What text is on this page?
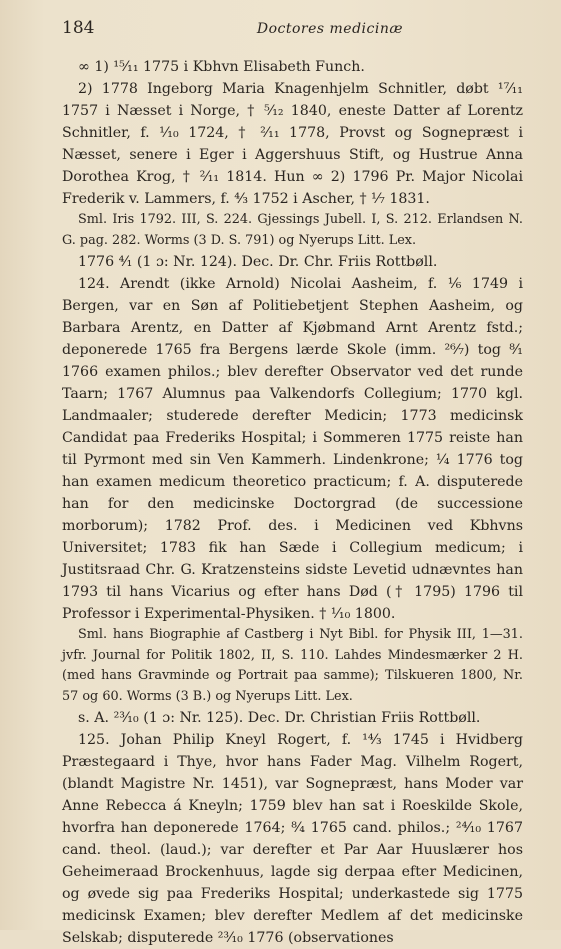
184	Doctores medicinæ

∞ 1) ¹⁵⁄₁₁ 1775 i Kbhvn Elisabeth Funch.

2) 1778 Ingeborg Maria Knagenhjelm Schnitler, døbt ¹⁷⁄₁₁ 1757 i Næsset i Norge, † ⁵⁄₁₂ 1840, eneste Datter af Lorentz Schnitler, f. ¹⁄₁₀ 1724, † ²⁄₁₁ 1778, Provst og Sognepræst i Næsset, senere i Eger i Aggershuus Stift, og Hustrue Anna Dorothea Krog, † ²⁄₁₁ 1814. Hun ∞ 2) 1796 Pr. Major Nicolai Frederik v. Lammers, f. ⁴⁄₃ 1752 i Ascher, † ¹⁄₇ 1831.

Sml. Iris 1792. III, S. 224. Gjessings Jubell. I, S. 212. Erlandsen N. G. pag. 282. Worms (3 D. S. 791) og Nyerups Litt. Lex.

1776 ⁴⁄₁ (1 ɔ: Nr. 124). Dec. Dr. Chr. Friis Rottbøll.

124. Arendt (ikke Arnold) Nicolai Aasheim, f. ¹⁄₆ 1749 i Bergen, var en Søn af Politiebetjent Stephen Aasheim, og Barbara Arentz, en Datter af Kjøbmand Arnt Arentz fstd.; deponerede 1765 fra Bergens lærde Skole (imm. ²⁶⁄₇) tog ⁸⁄₁ 1766 examen philos.; blev derefter Observator ved det runde Taarn; 1767 Alumnus paa Valkendorfs Collegium; 1770 kgl. Landmaaler; studerede derefter Medicin; 1773 medicinsk Candidat paa Frederiks Hospital; i Sommeren 1775 reiste han til Pyrmont med sin Ven Kammerh. Lindenkrone; ¹⁄₄ 1776 tog han examen medicum theoretico practicum; f. A. disputerede han for den medicinske Doctorgrad (de successione morborum); 1782 Prof. des. i Medicinen ved Kbhvns Universitet; 1783 fik han Sæde i Collegium medicum; i Justitsraad Chr. G. Kratzensteins sidste Levetid udnævntes han 1793 til hans Vicarius og efter hans Død († 1795) 1796 til Professor i Experimental-Physiken. † ¹⁄₁₀ 1800.

Sml. hans Biographie af Castberg i Nyt Bibl. for Physik III, 1—31. jvfr. Journal for Politik 1802, II, S. 110. Lahdes Mindesmærker 2 H. (med hans Gravminde og Portrait paa samme); Tilskueren 1800, Nr. 57 og 60. Worms (3 B.) og Nyerups Litt. Lex.

s. A. ²³⁄₁₀ (1 ɔ: Nr. 125). Dec. Dr. Christian Friis Rottbøll.

125. Johan Philip Kneyl Rogert, f. ¹⁴⁄₃ 1745 i Hvidberg Præstegaard i Thye, hvor hans Fader Mag. Vilhelm Rogert, (blandt Magistre Nr. 1451), var Sognepræst, hans Moder var Anne Rebecca á Kneyln; 1759 blev han sat i Roeskilde Skole, hvorfra han deponerede 1764; ⁸⁄₄ 1765 cand. philos.; ²⁴⁄₁₀ 1767 cand. theol. (laud.); var derefter et Par Aar Huuslærer hos Geheimeraad Brockenhuus, lagde sig derpaa efter Medicinen, og øvede sig paa Frederiks Hospital; underkastede sig 1775 medicinsk Examen; blev derefter Medlem af det medicinske Selskab; disputerede ²³⁄₁₀ 1776 (observationes
